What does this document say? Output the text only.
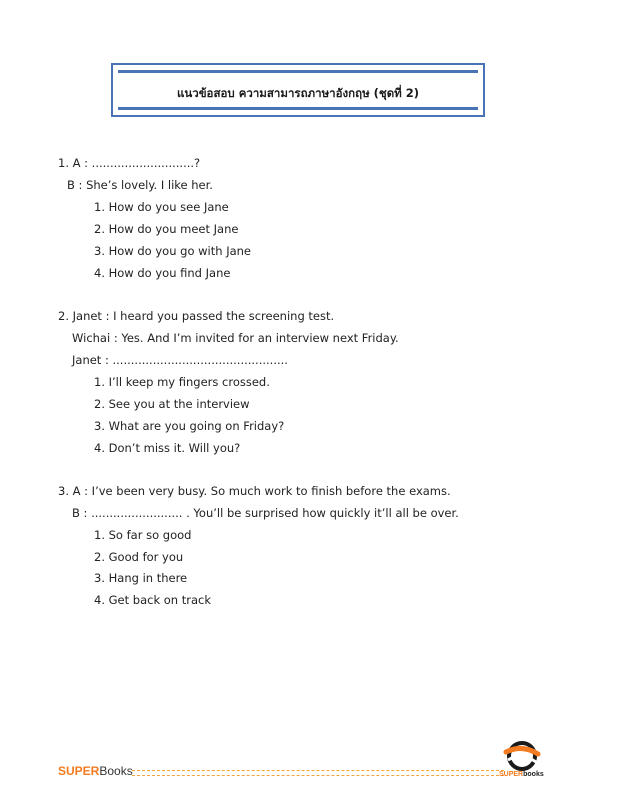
แนวข้อสอบ ความสามารถภาษาอังกฤษ (ชุดที่ 2)
1. A : ............................?
B : She’s lovely. I like her.
1. How do you see Jane
2. How do you meet Jane
3. How do you go with Jane
4. How do you find Jane
2. Janet : I heard you passed the screening test.
Wichai : Yes. And I’m invited for an interview next Friday.
Janet : ................................................
1. I’ll keep my fingers crossed.
2. See you at the interview
3. What are you going on Friday?
4. Don’t miss it. Will you?
3. A : I’ve been very busy. So much work to finish before the exams.
B : ......................... . You’ll be surprised how quickly it’ll all be over.
1. So far so good
2. Good for you
3. Hang in there
4. Get back on track
SUPERBooks	SUPERbooks
